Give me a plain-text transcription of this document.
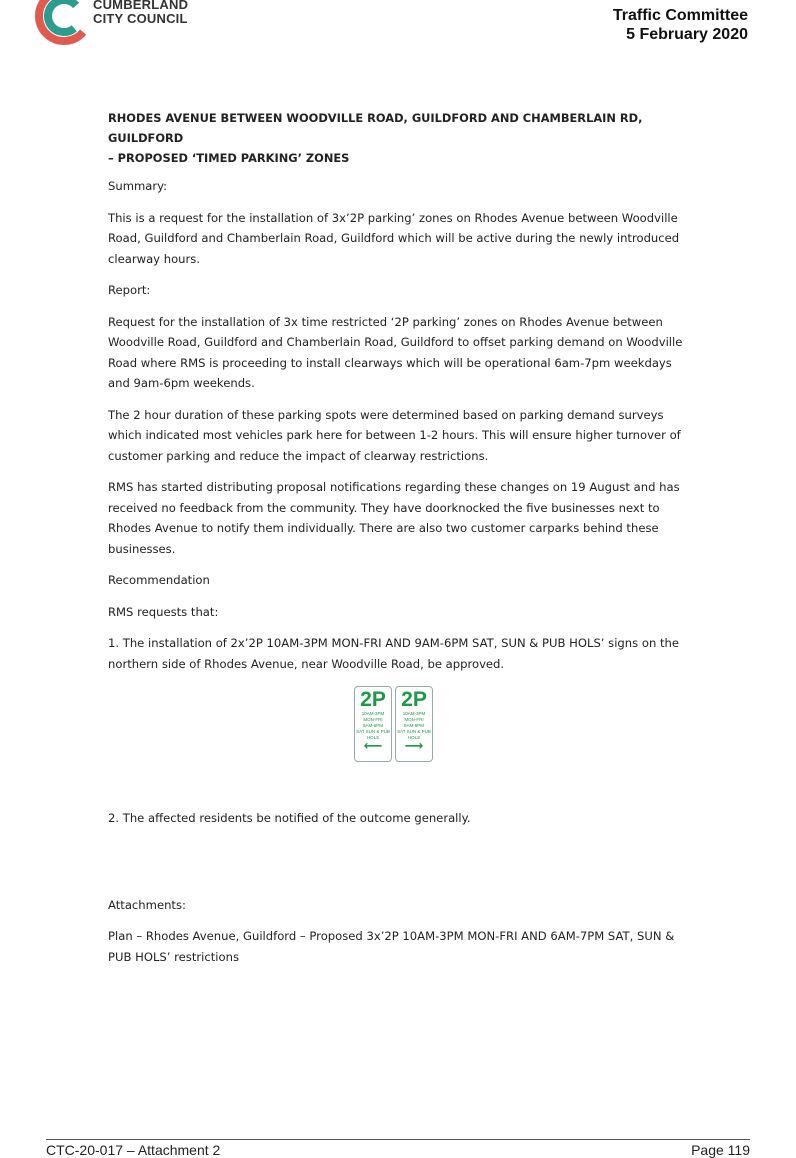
CUMBERLAND
CITY COUNCIL	Traffic Committee
5 February 2020

RHODES AVENUE BETWEEN WOODVILLE ROAD, GUILDFORD AND CHAMBERLAIN RD, GUILDFORD
– PROPOSED ‘TIMED PARKING’ ZONES

Summary:

This is a request for the installation of 3x’2P parking’ zones on Rhodes Avenue between Woodville Road, Guildford and Chamberlain Road, Guildford which will be active during the newly introduced clearway hours.

Report:

Request for the installation of 3x time restricted ‘2P parking’ zones on Rhodes Avenue between Woodville Road, Guildford and Chamberlain Road, Guildford to offset parking demand on Woodville Road where RMS is proceeding to install clearways which will be operational 6am-7pm weekdays and 9am-6pm weekends.

The 2 hour duration of these parking spots were determined based on parking demand surveys which indicated most vehicles park here for between 1-2 hours. This will ensure higher turnover of customer parking and reduce the impact of clearway restrictions.

RMS has started distributing proposal notifications regarding these changes on 19 August and has received no feedback from the community. They have doorknocked the five businesses next to Rhodes Avenue to notify them individually. There are also two customer carparks behind these businesses.

Recommendation

RMS requests that:

1. The installation of 2x’2P 10AM-3PM MON-FRI AND 9AM-6PM SAT, SUN & PUB HOLS’ signs on the northern side of Rhodes Avenue, near Woodville Road, be approved.

2P
10AM-3PM
MON-FRI
9AM-6PM
SAT SUN & PUB HOLS
⟵
2P
10AM-3PM
MON-FRI
9AM-6PM
SAT SUN & PUB HOLS
⟶

2. The affected residents be notified of the outcome generally.

Attachments:

Plan – Rhodes Avenue, Guildford – Proposed 3x’2P 10AM-3PM MON-FRI AND 6AM-7PM SAT, SUN & PUB HOLS’ restrictions

CTC-20-017 – Attachment 2	Page 119
